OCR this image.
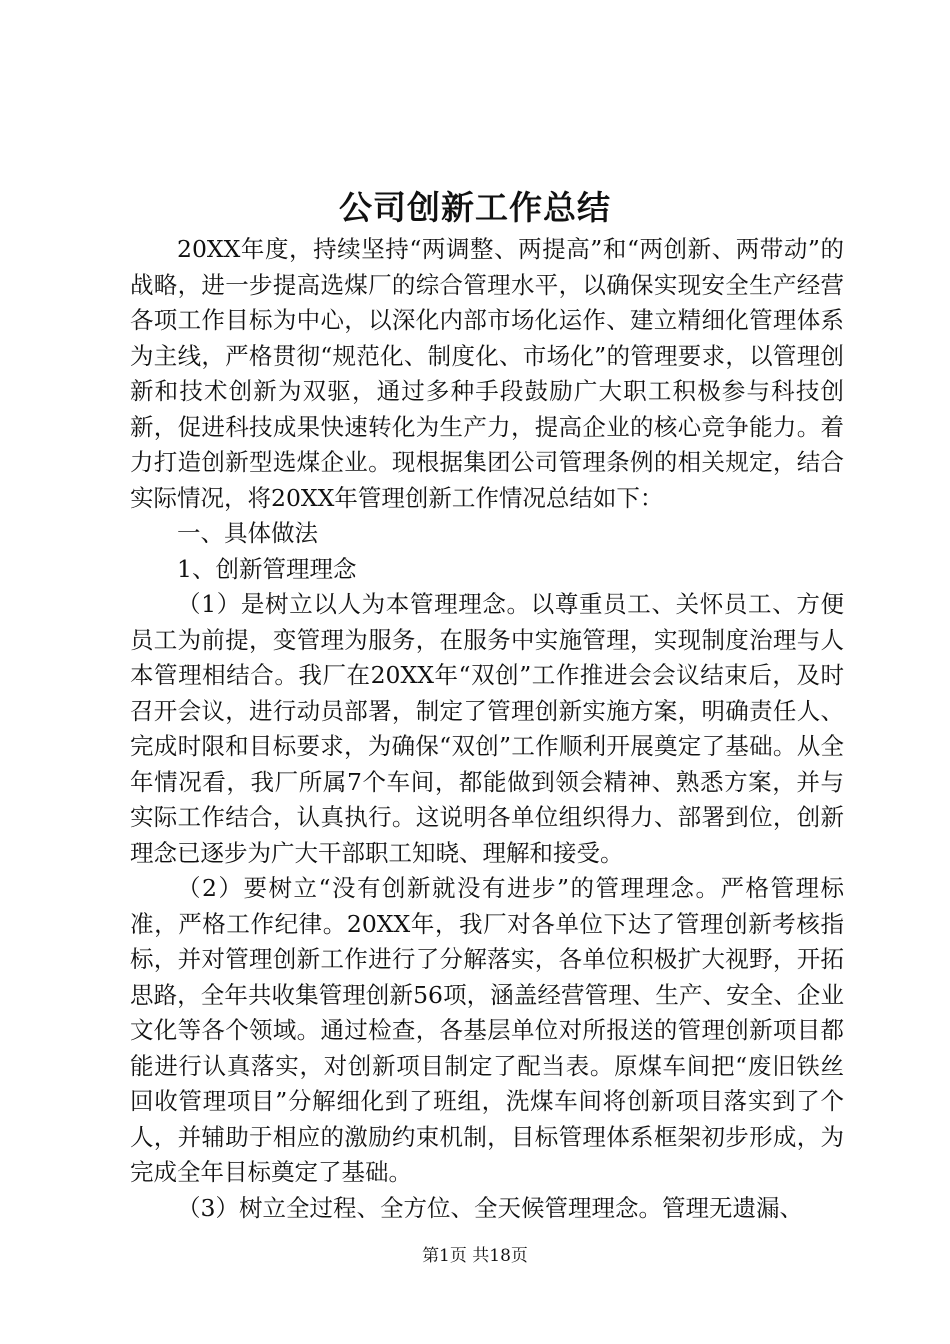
公司创新工作总结

20XX年度，持续坚持“两调整、两提高”和“两创新、两带动”的战略，进一步提高选煤厂的综合管理水平，以确保实现安全生产经营各项工作目标为中心，以深化内部市场化运作、建立精细化管理体系为主线，严格贯彻“规范化、制度化、市场化”的管理要求，以管理创新和技术创新为双驱，通过多种手段鼓励广大职工积极参与科技创新，促进科技成果快速转化为生产力，提高企业的核心竞争能力。着力打造创新型选煤企业。现根据集团公司管理条例的相关规定，结合实际情况，将20XX年管理创新工作情况总结如下：

一、具体做法

1、创新管理理念

（1）是树立以人为本管理理念。以尊重员工、关怀员工、方便员工为前提，变管理为服务，在服务中实施管理，实现制度治理与人本管理相结合。我厂在20XX年“双创”工作推进会会议结束后，及时召开会议，进行动员部署，制定了管理创新实施方案，明确责任人、完成时限和目标要求，为确保“双创”工作顺利开展奠定了基础。从全年情况看，我厂所属7个车间，都能做到领会精神、熟悉方案，并与实际工作结合，认真执行。这说明各单位组织得力、部署到位，创新理念已逐步为广大干部职工知晓、理解和接受。

（2）要树立“没有创新就没有进步”的管理理念。严格管理标准，严格工作纪律。20XX年，我厂对各单位下达了管理创新考核指标，并对管理创新工作进行了分解落实，各单位积极扩大视野，开拓思路，全年共收集管理创新56项，涵盖经营管理、生产、安全、企业文化等各个领域。通过检查，各基层单位对所报送的管理创新项目都能进行认真落实，对创新项目制定了配当表。原煤车间把“废旧铁丝回收管理项目”分解细化到了班组，洗煤车间将创新项目落实到了个人，并辅助于相应的激励约束机制，目标管理体系框架初步形成，为完成全年目标奠定了基础。

（3）树立全过程、全方位、全天候管理理念。管理无遗漏、

第1页 共18页
